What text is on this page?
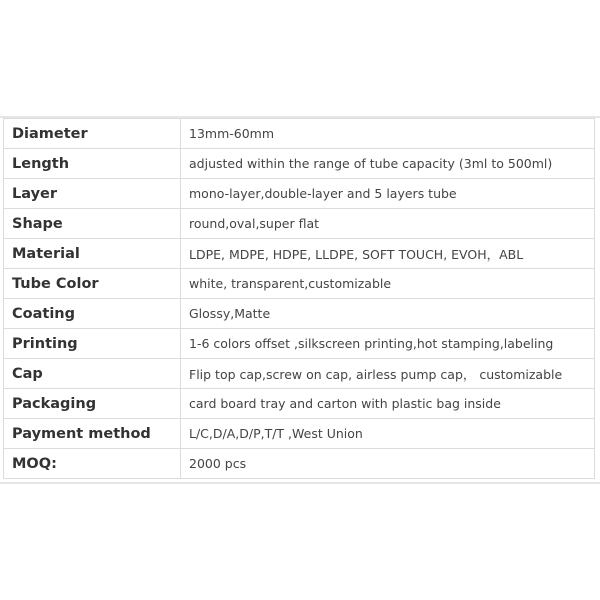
Diameter	13mm-60mm
Length	adjusted within the range of tube capacity (3ml to 500ml)
Layer	mono-layer,double-layer and 5 layers tube
Shape	round,oval,super flat
Material	LDPE, MDPE, HDPE, LLDPE, SOFT TOUCH, EVOH，ABL
Tube Color	white, transparent,customizable
Coating	Glossy,Matte
Printing	1-6 colors offset ,silkscreen printing,hot stamping,labeling
Cap	Flip top cap,screw on cap, airless pump cap， customizable
Packaging	card board tray and carton with plastic bag inside
Payment method	L/C,D/A,D/P,T/T ,West Union
MOQ:	2000 pcs
